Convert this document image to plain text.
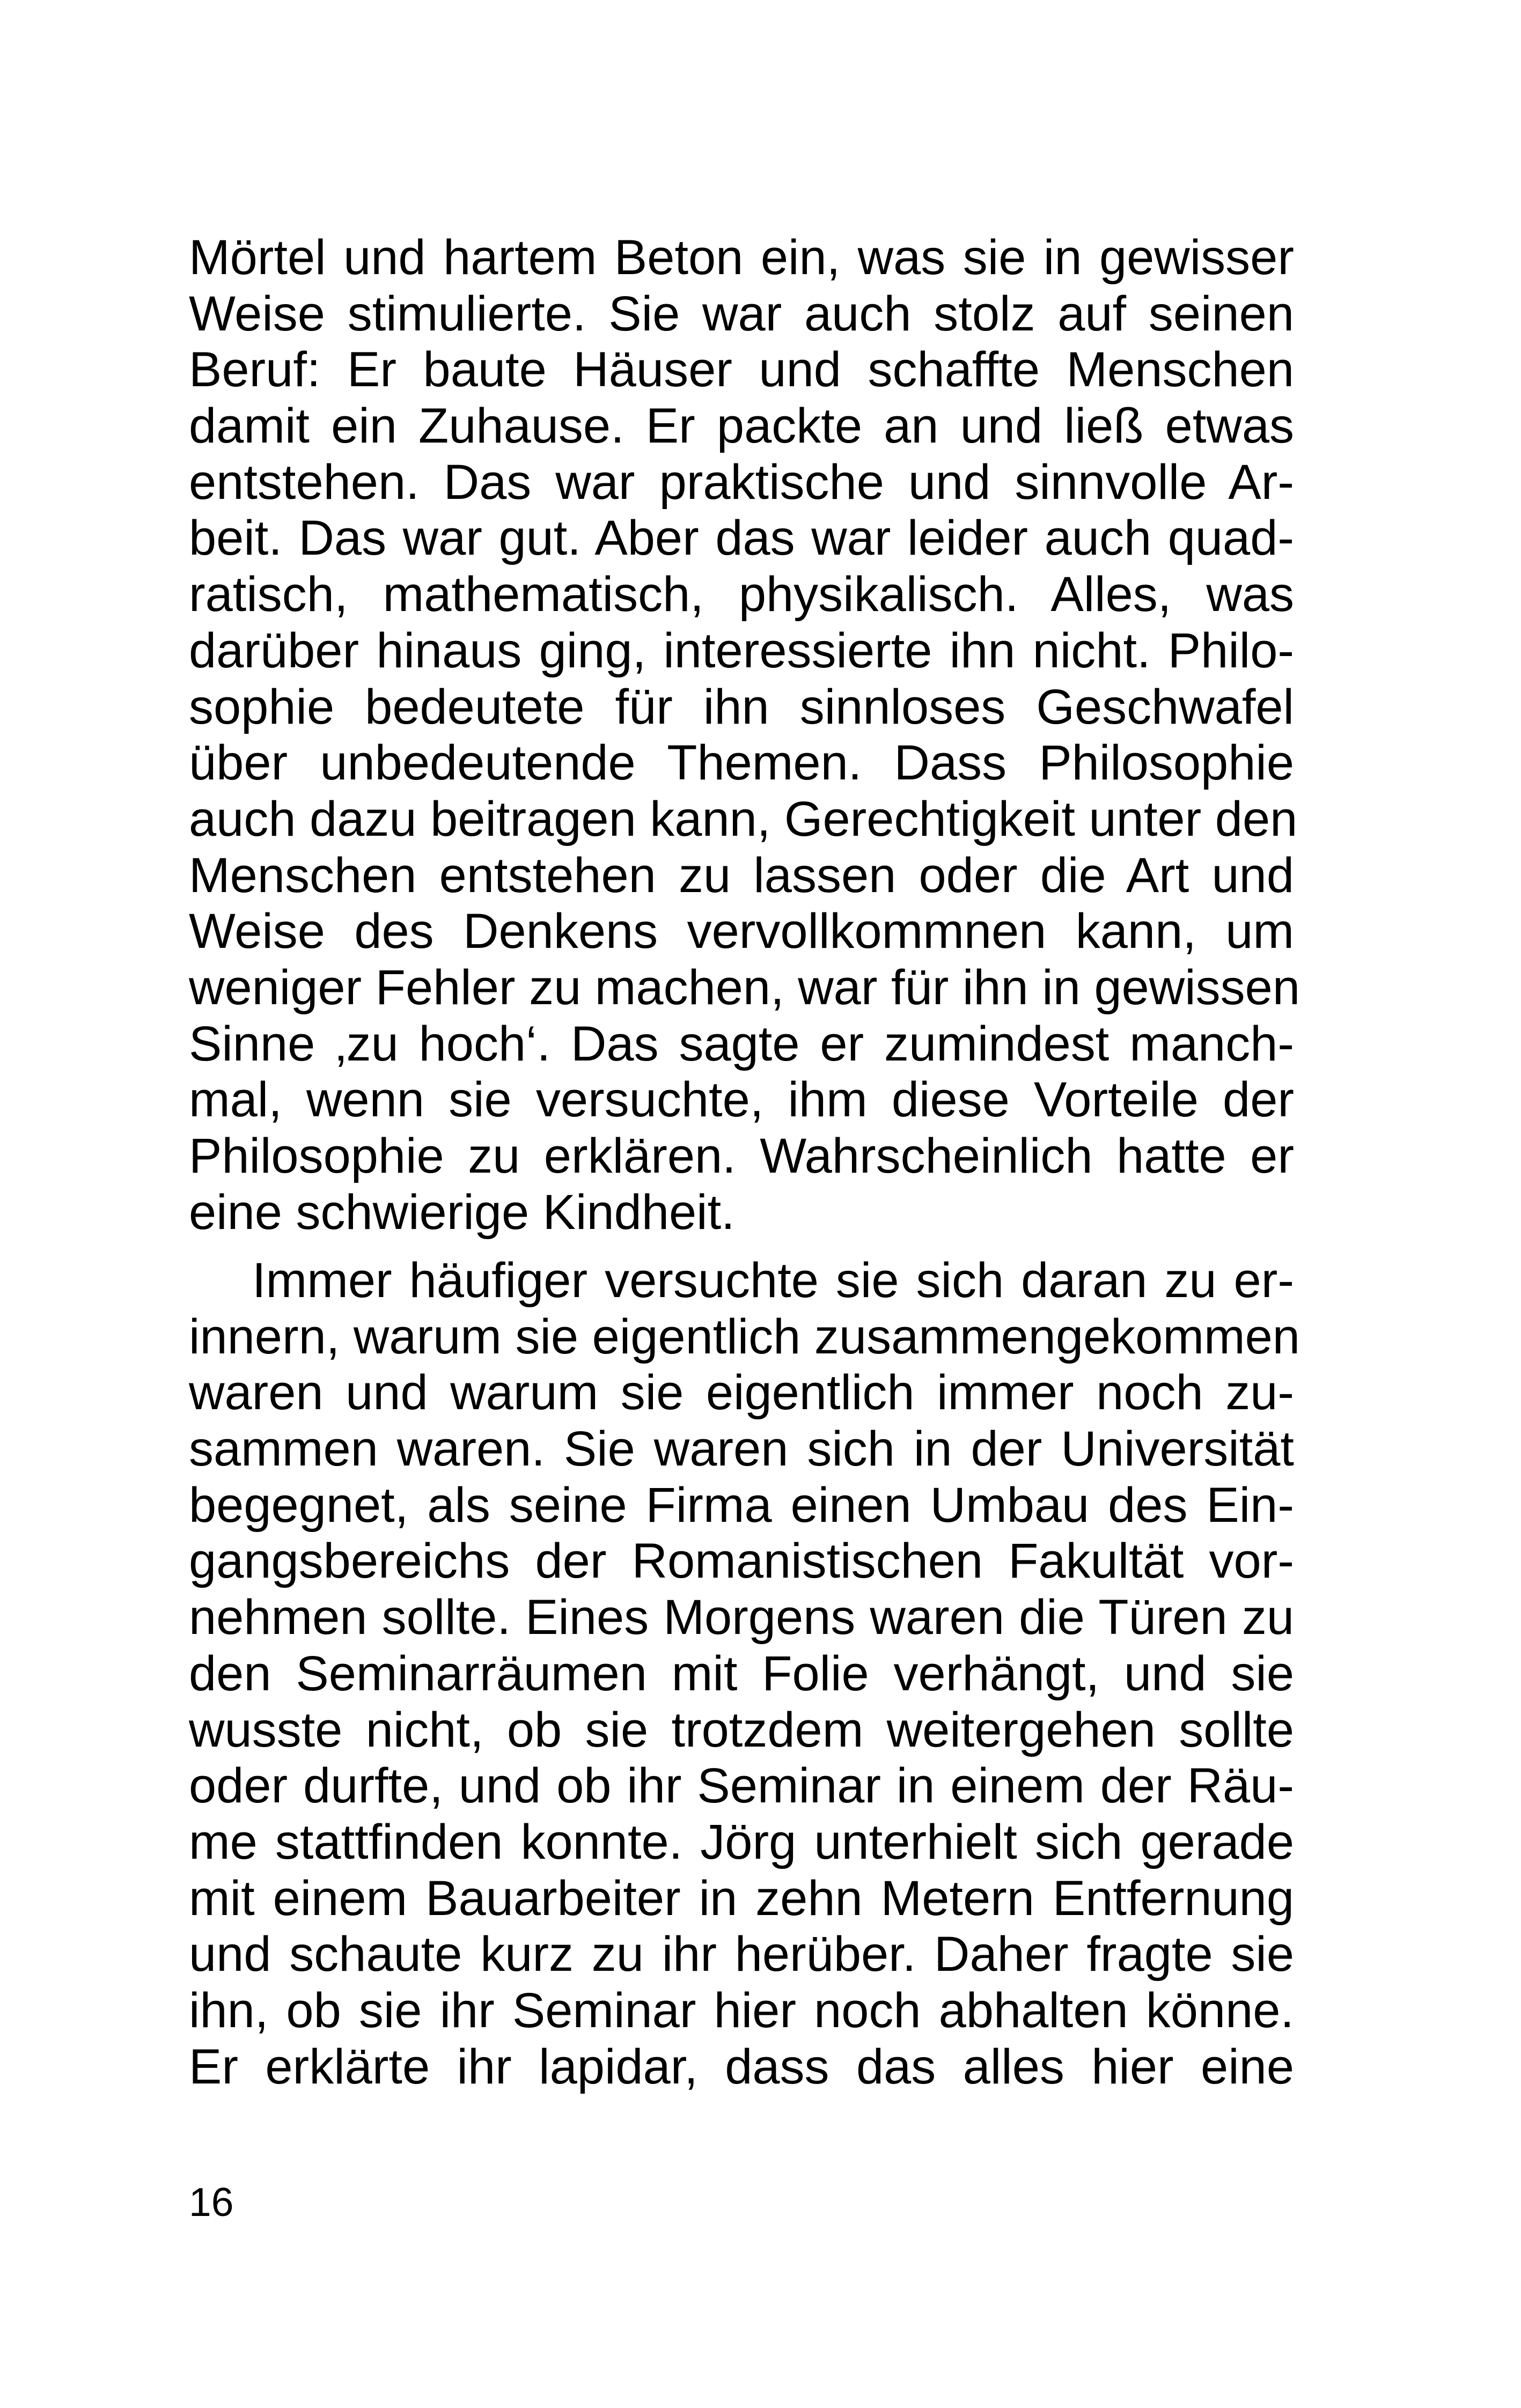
Mörtel und hartem Beton ein, was sie in gewisser
Weise stimulierte. Sie war auch stolz auf seinen
Beruf: Er baute Häuser und schaffte Menschen
damit ein Zuhause. Er packte an und ließ etwas
entstehen. Das war praktische und sinnvolle Ar-
beit. Das war gut. Aber das war leider auch quad-
ratisch, mathematisch, physikalisch. Alles, was
darüber hinaus ging, interessierte ihn nicht. Philo-
sophie bedeutete für ihn sinnloses Geschwafel
über unbedeutende Themen. Dass Philosophie
auch dazu beitragen kann, Gerechtigkeit unter den
Menschen entstehen zu lassen oder die Art und
Weise des Denkens vervollkommnen kann, um
weniger Fehler zu machen, war für ihn in gewissen
Sinne ‚zu hoch‘. Das sagte er zumindest manch-
mal, wenn sie versuchte, ihm diese Vorteile der
Philosophie zu erklären. Wahrscheinlich hatte er
eine schwierige Kindheit.
Immer häufiger versuchte sie sich daran zu er-
innern, warum sie eigentlich zusammengekommen
waren und warum sie eigentlich immer noch zu-
sammen waren. Sie waren sich in der Universität
begegnet, als seine Firma einen Umbau des Ein-
gangsbereichs der Romanistischen Fakultät vor-
nehmen sollte. Eines Morgens waren die Türen zu
den Seminarräumen mit Folie verhängt, und sie
wusste nicht, ob sie trotzdem weitergehen sollte
oder durfte, und ob ihr Seminar in einem der Räu-
me stattfinden konnte. Jörg unterhielt sich gerade
mit einem Bauarbeiter in zehn Metern Entfernung
und schaute kurz zu ihr herüber. Daher fragte sie
ihn, ob sie ihr Seminar hier noch abhalten könne.
Er erklärte ihr lapidar, dass das alles hier eine
16
